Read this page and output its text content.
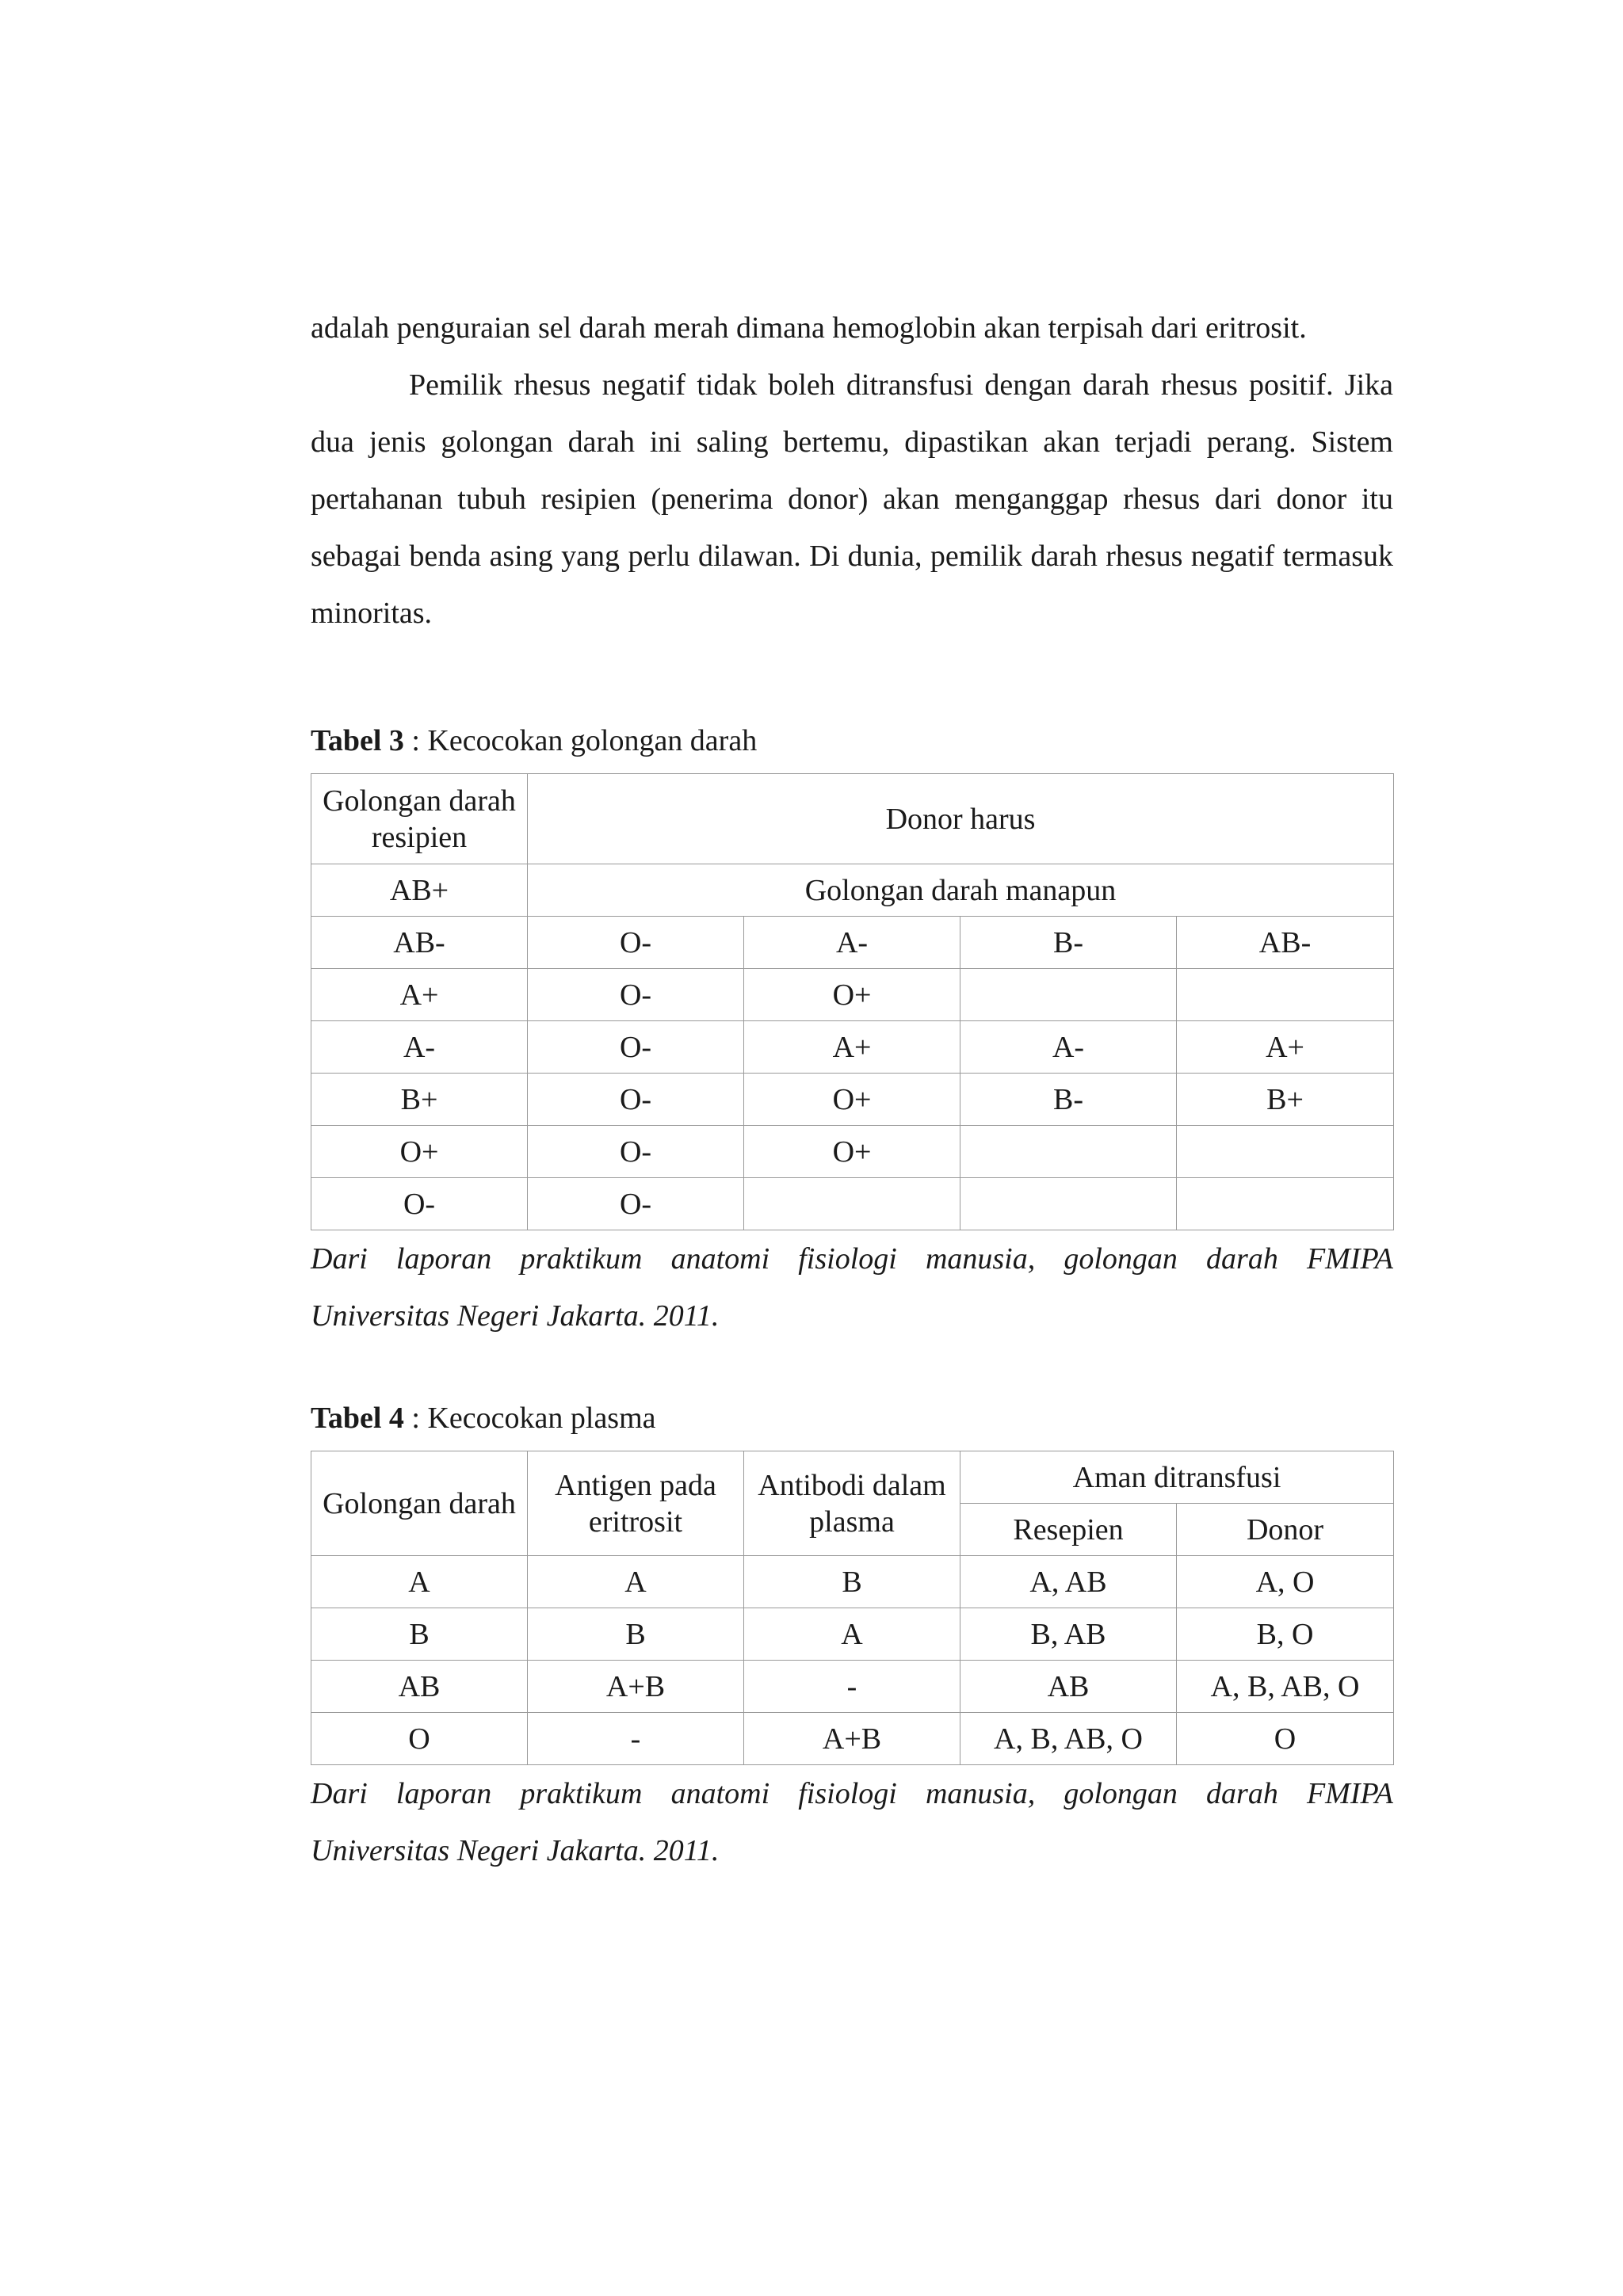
adalah penguraian sel darah merah dimana hemoglobin akan terpisah dari eritrosit.

Pemilik rhesus negatif tidak boleh ditransfusi dengan darah rhesus positif. Jika dua jenis golongan darah ini saling bertemu, dipastikan akan terjadi perang. Sistem pertahanan tubuh resipien (penerima donor) akan menganggap rhesus dari donor itu sebagai benda asing yang perlu dilawan. Di dunia, pemilik darah rhesus negatif termasuk minoritas.

Tabel 3 : Kecocokan golongan darah

Golongan darah resipien	Donor harus			
AB+	Golongan darah manapun			
AB-	O-	A-	B-	AB-
A+	O-	O+		
A-	O-	A+	A-	A+
B+	O-	O+	B-	B+
O+	O-	O+		
O-	O-			

Dari laporan praktikum anatomi fisiologi manusia, golongan darah FMIPA
Universitas Negeri Jakarta. 2011.

Tabel 4 : Kecocokan plasma

Golongan darah	Antigen pada eritrosit	Antibodi dalam plasma	Aman ditransfusi	
			Resepien	Donor
A	A	B	A, AB	A, O
B	B	A	B, AB	B, O
AB	A+B	-	AB	A, B, AB, O
O	-	A+B	A, B, AB, O	O

Dari laporan praktikum anatomi fisiologi manusia, golongan darah FMIPA
Universitas Negeri Jakarta. 2011.
